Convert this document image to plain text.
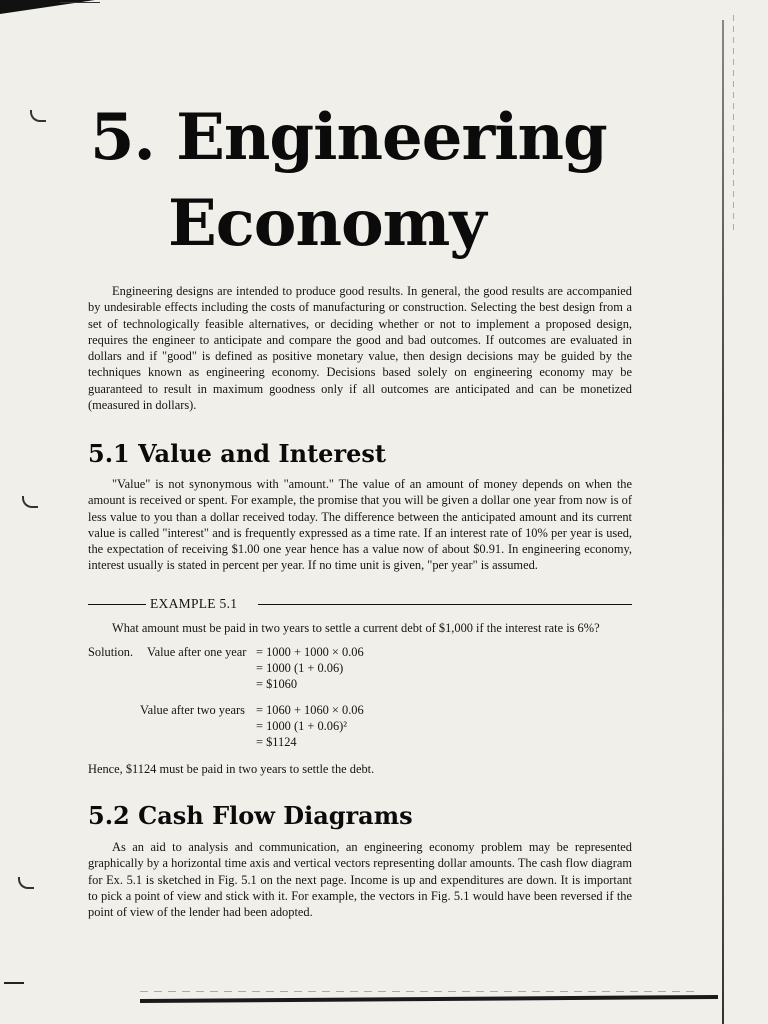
5. Engineering
Economy

Engineering designs are intended to produce good results. In general, the good results are accompanied by undesirable effects including the costs of manufacturing or construction. Selecting the best design from a set of technologically feasible alternatives, or deciding whether or not to implement a proposed design, requires the engineer to anticipate and compare the good and bad outcomes. If outcomes are evaluated in dollars and if "good" is defined as positive monetary value, then design decisions may be guided by the techniques known as engineering economy. Decisions based solely on engineering economy may be guaranteed to result in maximum goodness only if all outcomes are anticipated and can be monetized (measured in dollars).

5.1 Value and Interest

"Value" is not synonymous with "amount." The value of an amount of money depends on when the amount is received or spent. For example, the promise that you will be given a dollar one year from now is of less value to you than a dollar received today. The difference between the anticipated amount and its current value is called "interest" and is frequently expressed as a time rate. If an interest rate of 10% per year is used, the expectation of receiving $1.00 one year hence has a value now of about $0.91. In engineering economy, interest usually is stated in percent per year. If no time unit is given, "per year" is assumed.

EXAMPLE 5.1
What amount must be paid in two years to settle a current debt of $1,000 if the interest rate is 6%?
Solution. Value after one year = 1000 + 1000 × 0.06
= 1000 (1 + 0.06)
= $1060
Value after two years = 1060 + 1060 × 0.06
= 1000 (1 + 0.06)²
= $1124
Hence, $1124 must be paid in two years to settle the debt.
5.2 Cash Flow Diagrams

As an aid to analysis and communication, an engineering economy problem may be represented graphically by a horizontal time axis and vertical vectors representing dollar amounts. The cash flow diagram for Ex. 5.1 is sketched in Fig. 5.1 on the next page. Income is up and expenditures are down. It is important to pick a point of view and stick with it. For example, the vectors in Fig. 5.1 would have been reversed if the point of view of the lender had been adopted.
